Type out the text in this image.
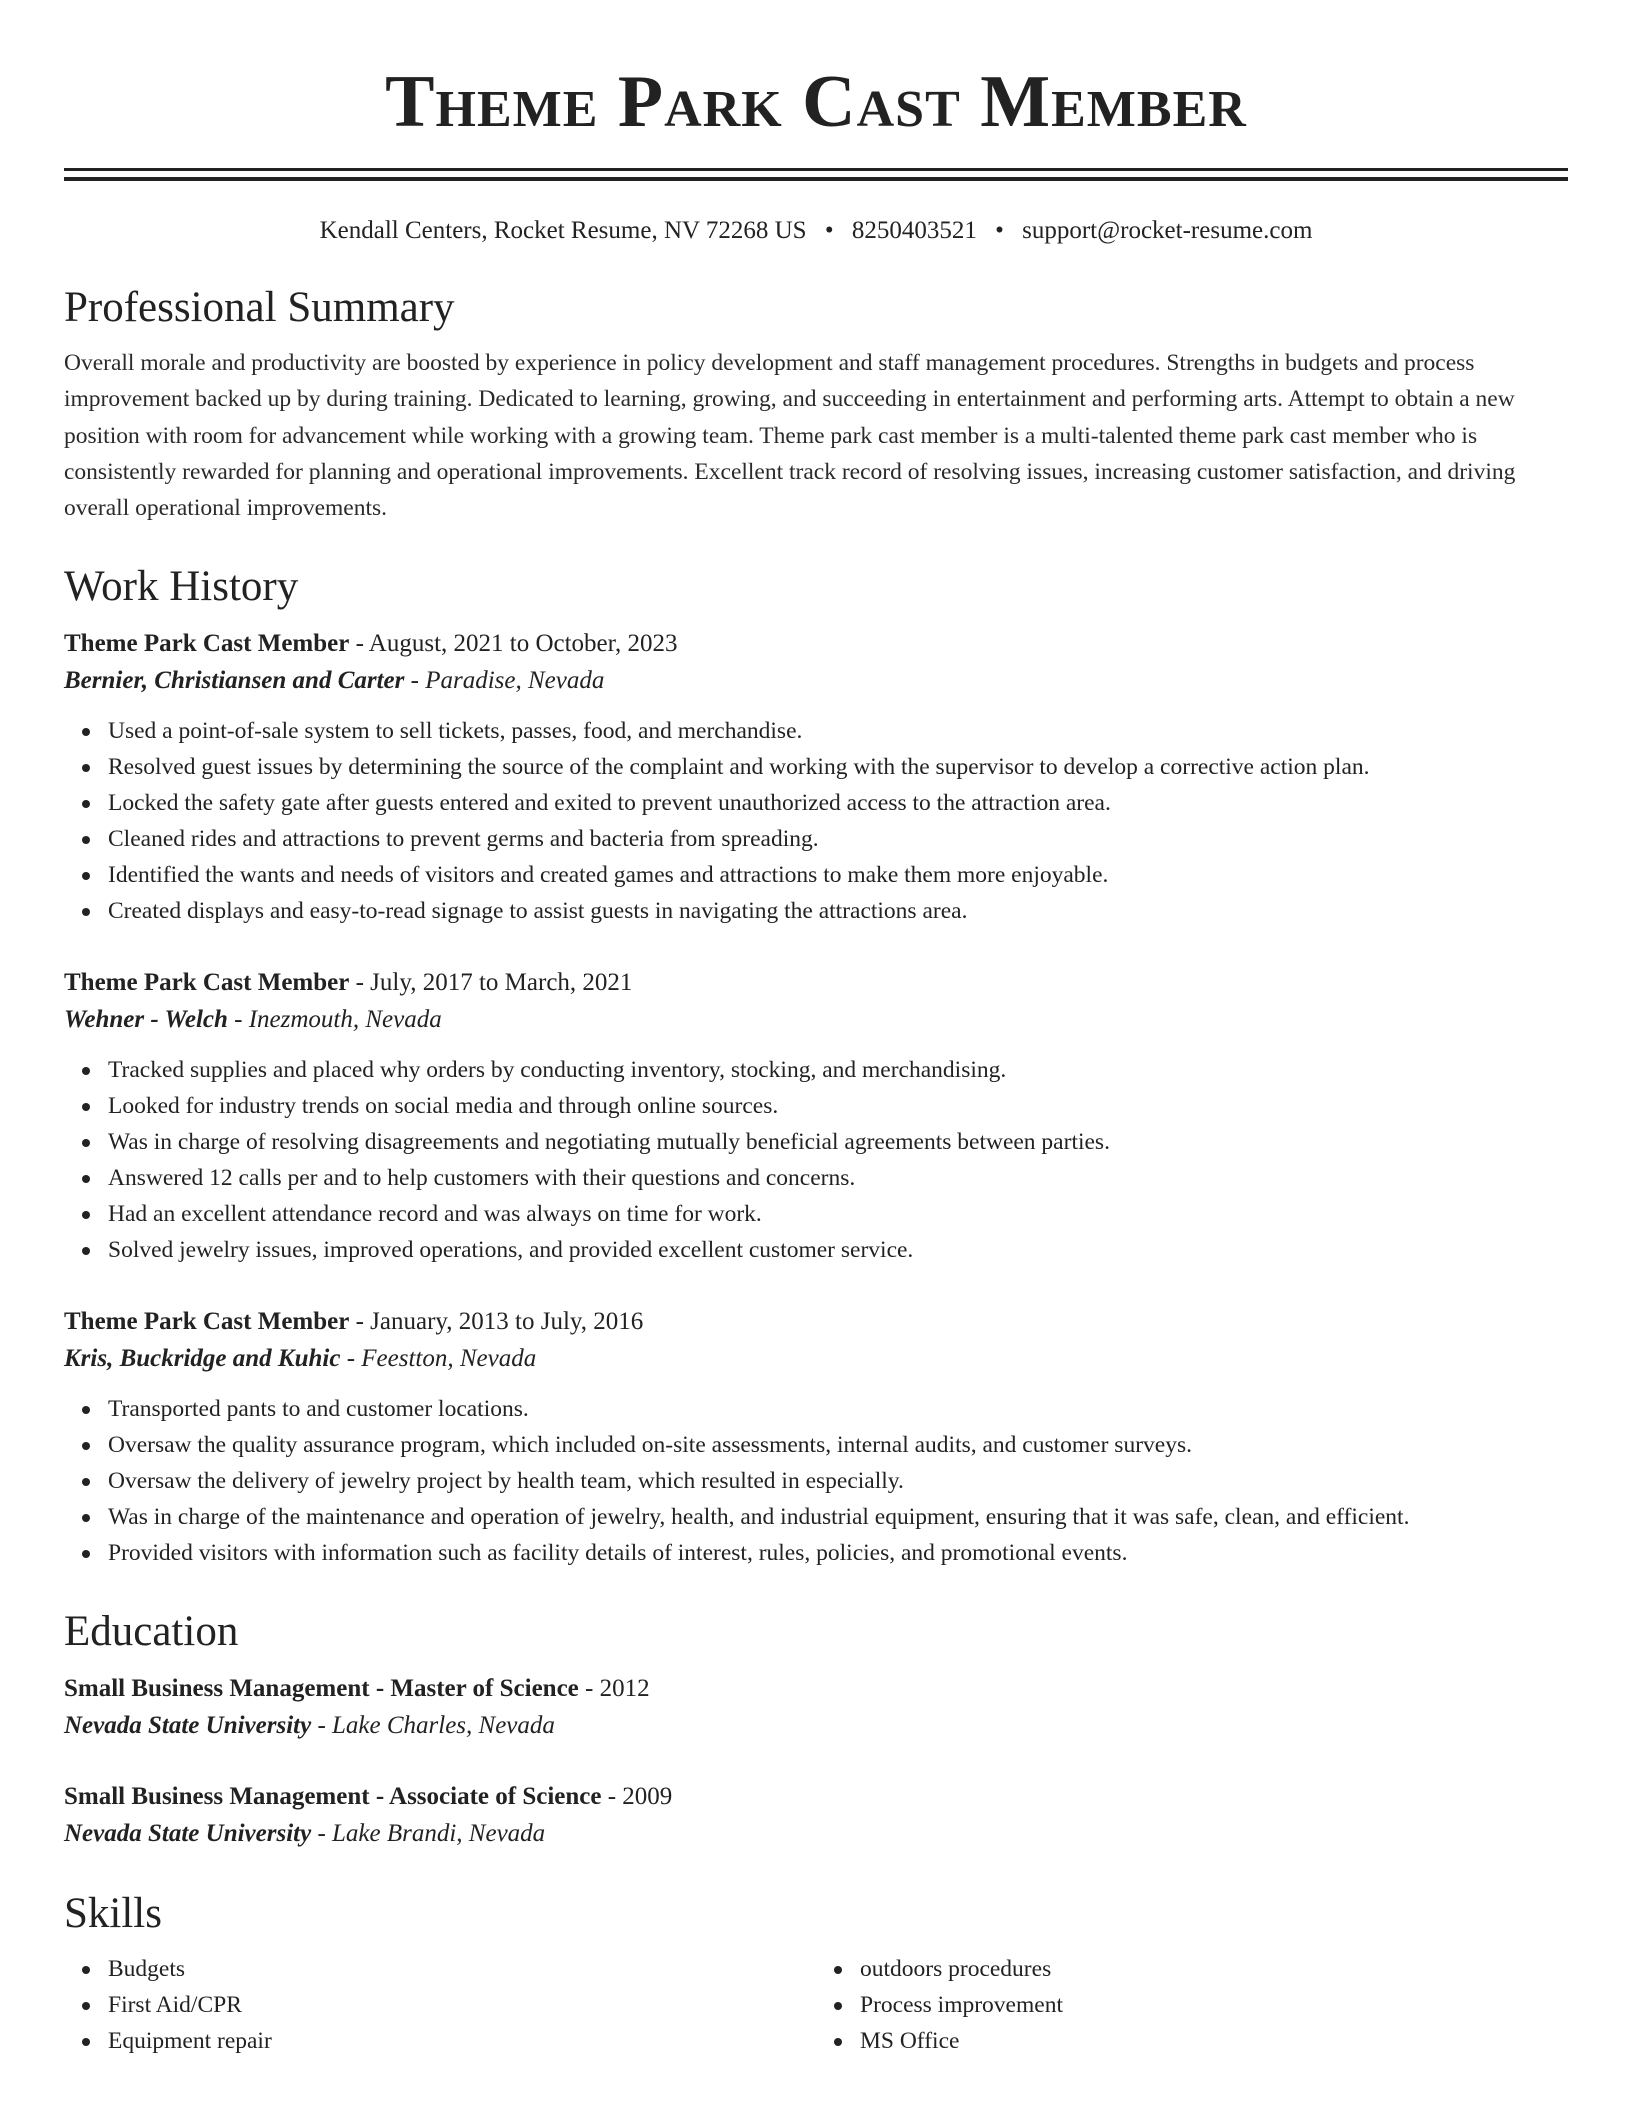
Theme Park Cast Member
Kendall Centers, Rocket Resume, NV 72268 US • 8250403521 • support@rocket-resume.com
Professional Summary

Overall morale and productivity are boosted by experience in policy development and staff management procedures. Strengths in budgets and process improvement backed up by during training. Dedicated to learning, growing, and succeeding in entertainment and performing arts. Attempt to obtain a new position with room for advancement while working with a growing team. Theme park cast member is a multi-talented theme park cast member who is consistently rewarded for planning and operational improvements. Excellent track record of resolving issues, increasing customer satisfaction, and driving overall operational improvements.

Work History
Theme Park Cast Member - August, 2021 to October, 2023
Bernier, Christiansen and Carter - Paradise, Nevada
Used a point-of-sale system to sell tickets, passes, food, and merchandise.
Resolved guest issues by determining the source of the complaint and working with the supervisor to develop a corrective action plan.
Locked the safety gate after guests entered and exited to prevent unauthorized access to the attraction area.
Cleaned rides and attractions to prevent germs and bacteria from spreading.
Identified the wants and needs of visitors and created games and attractions to make them more enjoyable.
Created displays and easy-to-read signage to assist guests in navigating the attractions area.
Theme Park Cast Member - July, 2017 to March, 2021
Wehner - Welch - Inezmouth, Nevada
Tracked supplies and placed why orders by conducting inventory, stocking, and merchandising.
Looked for industry trends on social media and through online sources.
Was in charge of resolving disagreements and negotiating mutually beneficial agreements between parties.
Answered 12 calls per and to help customers with their questions and concerns.
Had an excellent attendance record and was always on time for work.
Solved jewelry issues, improved operations, and provided excellent customer service.
Theme Park Cast Member - January, 2013 to July, 2016
Kris, Buckridge and Kuhic - Feestton, Nevada
Transported pants to and customer locations.
Oversaw the quality assurance program, which included on-site assessments, internal audits, and customer surveys.
Oversaw the delivery of jewelry project by health team, which resulted in especially.
Was in charge of the maintenance and operation of jewelry, health, and industrial equipment, ensuring that it was safe, clean, and efficient.
Provided visitors with information such as facility details of interest, rules, policies, and promotional events.
Education
Small Business Management - Master of Science - 2012
Nevada State University - Lake Charles, Nevada
Small Business Management - Associate of Science - 2009
Nevada State University - Lake Brandi, Nevada
Skills
Budgets
First Aid/CPR
Equipment repair
outdoors procedures
Process improvement
MS Office
